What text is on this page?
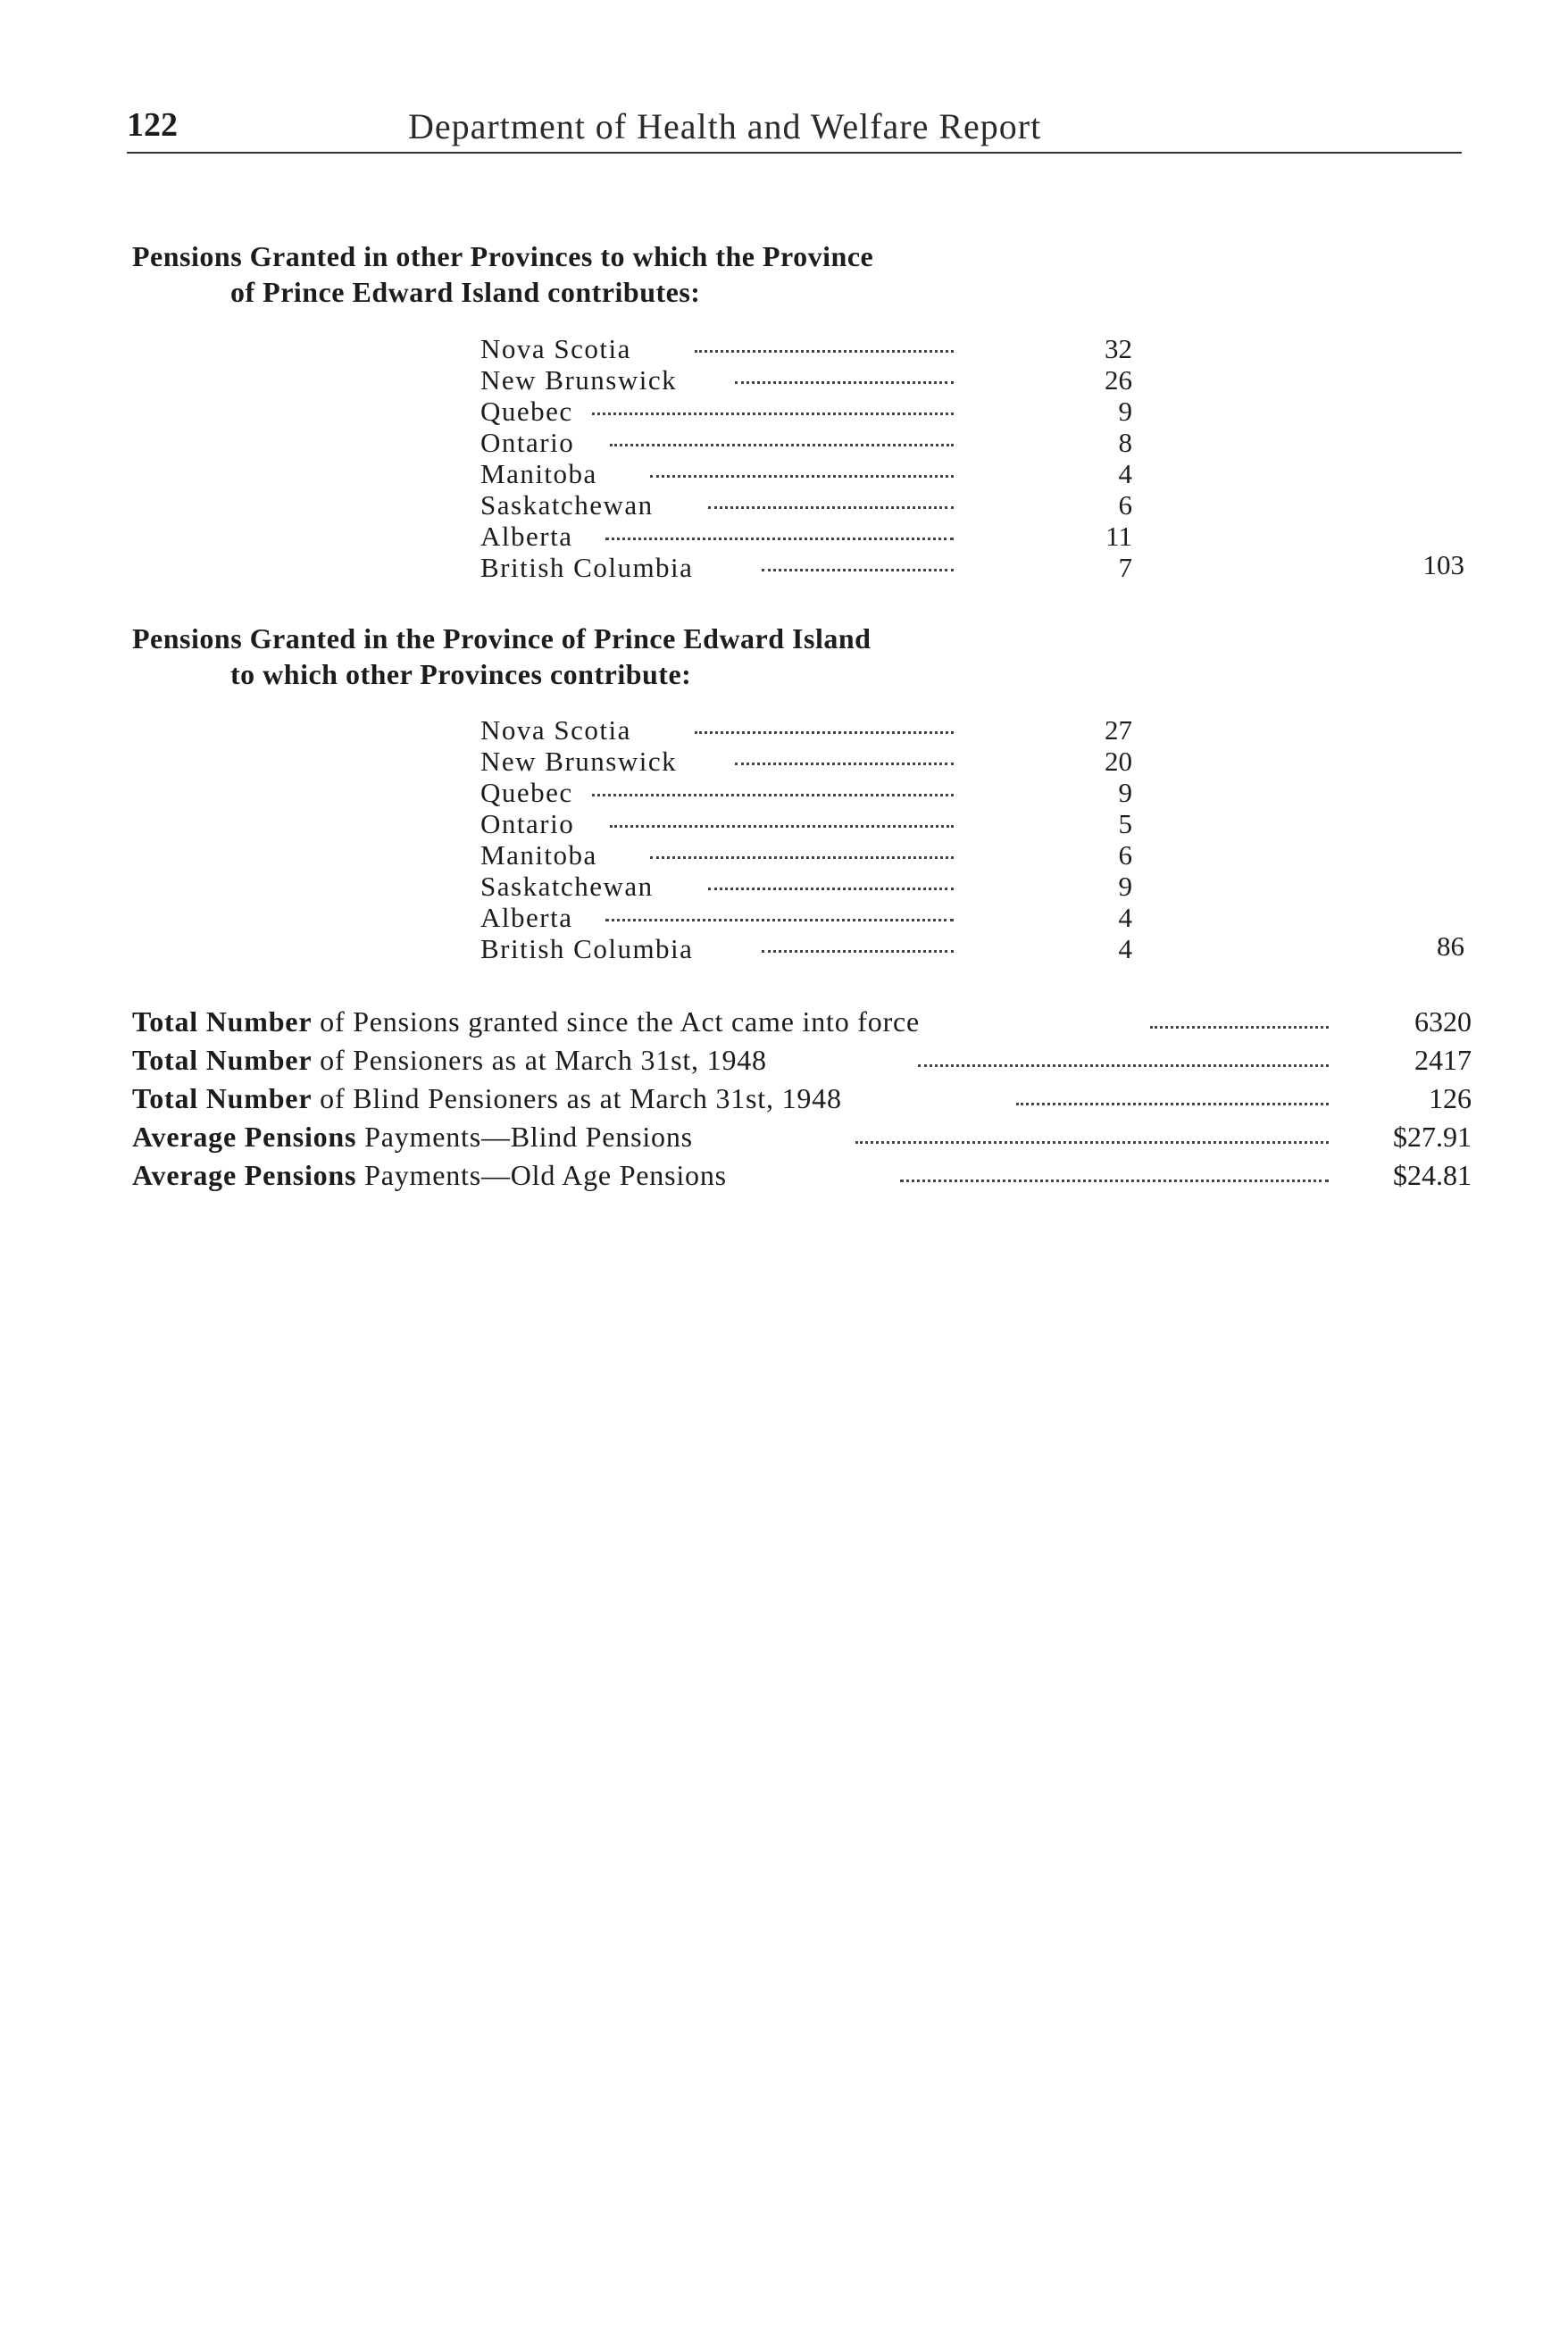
122	Department of Health and Welfare Report
Pensions Granted in other Provinces to which the Province
of Prince Edward Island contributes:
Nova Scotia	32
New Brunswick	26
Quebec	9
Ontario	8
Manitoba	4
Saskatchewan	6
Alberta	11
British Columbia	7	103
Pensions Granted in the Province of Prince Edward Island
to which other Provinces contribute:
Nova Scotia	27
New Brunswick	20
Quebec	9
Ontario	5
Manitoba	6
Saskatchewan	9
Alberta	4
British Columbia	4	86
Total Number of Pensions granted since the Act came into force	6320
Total Number of Pensioners as at March 31st, 1948	2417
Total Number of Blind Pensioners as at March 31st, 1948	126
Average Pensions Payments—Blind Pensions	$27.91
Average Pensions Payments—Old Age Pensions	$24.81
